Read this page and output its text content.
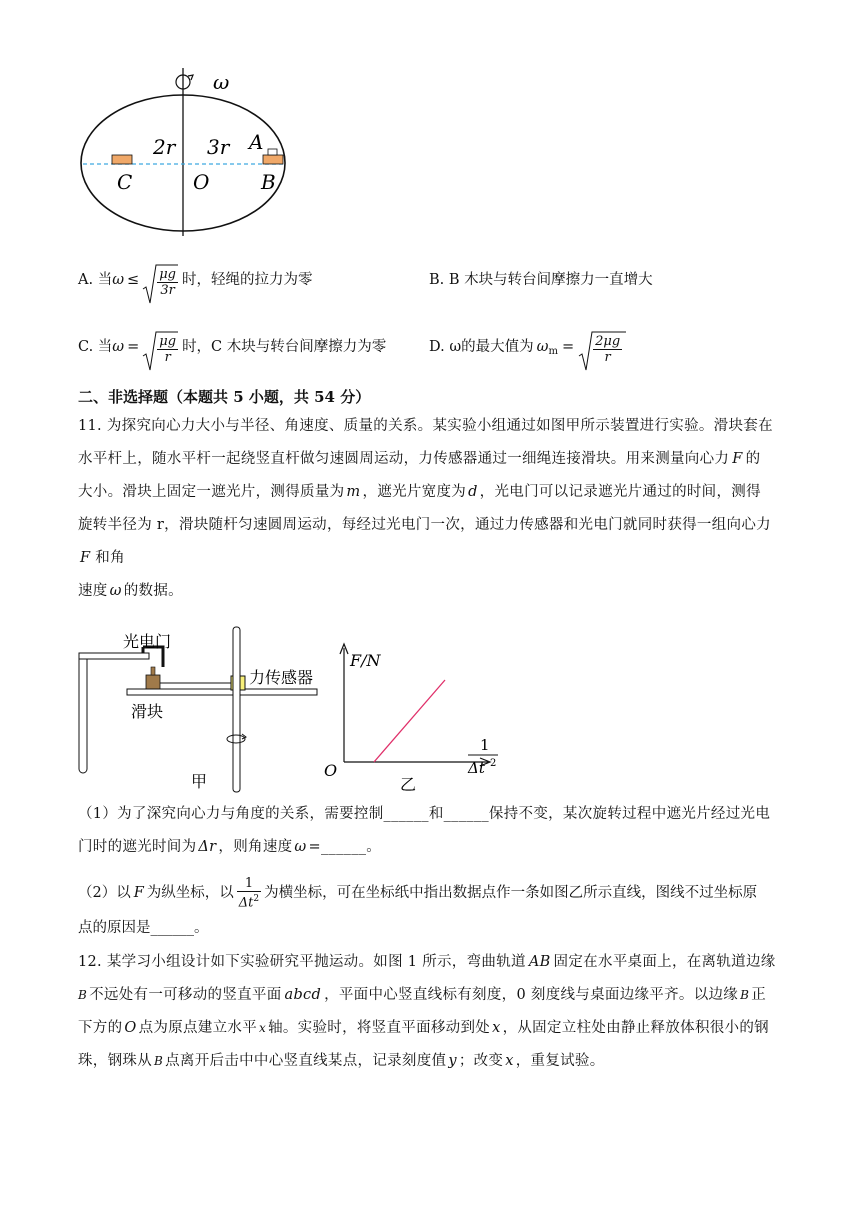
ω
2r 3r A
C	O	B
A. 当 $\omega \le \frac{\mu g}{3r}$ 时，轻绳的拉力为零	B. B 木块与转台间摩擦力一直增大
C. 当 $\omega = \frac{\mu g}{r}$ 时，C 木块与转台间摩擦力为零	D. ω的最大值为 ω $m = \frac{2\mu g}{r}$
二、非选择题（本题共 5 小题，共 54 分）
11. 为探究向心力大小与半径、角速度、质量的关系。某实验小组通过如图甲所示装置进行实验。滑块套在
水平杆上，随水平杆一起绕竖直杆做匀速圆周运动，力传感器通过一细绳连接滑块。用来测量向心力 F 的
大小。滑块上固定一遮光片，测得质量为 m ，遮光片宽度为 d ，光电门可以记录遮光片通过的时间，测得
旋转半径为 r，滑块随杆匀速圆周运动，每经过光电门一次，通过力传感器和光电门就同时获得一组向心力
F 和角
速度 ω 的数据。
光电门
力传感器
滑块
甲
F/N
O
1
Δt 2
乙
（1）为了深究向心力与角度的关系，需要控制______和______保持不变，某次旋转过程中遮光片经过光电
门时的遮光时间为 Δr ，则角速度 ω =______。
（2）以 F 为纵坐标，以 $\frac{1}{\Delta t^2}$ 为横坐标，可在坐标纸中指出数据点作一条如图乙所示直线，图线不过坐标原
点的原因是______。
12. 某学习小组设计如下实验研究平抛运动。如图 1 所示，弯曲轨道 AB 固定在水平桌面上，在离轨道边缘
B 不远处有一可移动的竖直平面 abcd ，平面中心竖直线标有刻度，0 刻度线与桌面边缘平齐。以边缘 B 正
下方的 O 点为原点建立水平 x 轴。实验时，将竖直平面移动到处 x ，从固定立柱处由静止释放体积很小的钢
珠，钢珠从 B 点离开后击中中心竖直线某点，记录刻度值 y ；改变 x ，重复试验。
